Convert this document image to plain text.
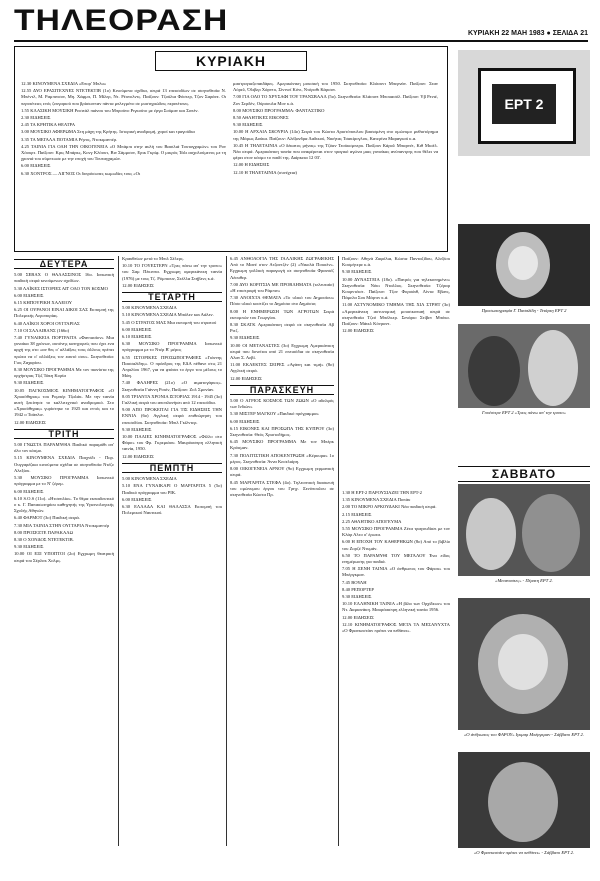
ΤΗΛΕΟΡΑΣΗ	ΚΥΡΙΑΚΗ 22 ΜΑΗ 1983 ● ΣΕΛΙΔΑ 21
ΚΥΡΙΑΚΗ

12.30 ΚΙΝΟΥΜΕΝΑ ΣΧΕΔΙΑ «Επορ' Μπλυ»

12.55 ΔΥΟ ΕΡΑΣΙΤΕΧΝΕΣ ΝΤΕΤΕΚΤΙΒ (1ο) Κινούμενα σχέδια, σειρά 13 επεισοδίων σε σκηνοθεσία Ν. Μπέντλ, Μ. Ραμπινσον, Μη. Χάφμπ, Π. Μίλερ, Ντ. Ρέυνολντς. Παίζουν: Τζούλια Φόστερ, Τζον Σαράνε. Οι περιπέτειες ενός ζευγαριού που βρίσκονταν πάντα μπλεγμένο σε μυστηριώδεις περιπέτειες.

1.55 ΚΛΑΣΙΚΗ ΜΟΥΣΙΚΗ Ρεσιτάλ πιάνου του Μπρούνο Ριγκούτο με έργα Σούμαν και Σοπέν.

2.30 ΕΙΔΗΣΕΙΣ

2.45 ΤΑ ΚΡΗΤΙΚΑ ΘΕΑΤΡΑ

3.00 ΜΟΥΣΙΚΟ ΑΦΙΕΡΩΜΑ Στη μάχη της Κρήτης. Ιστορική αναδρομή, χοροί και τραγούδια

3.35 ΤΑ ΜΕΓΑΛΑ ΠΟΤΑΜΙΑ Ρήνος, Ντοκιμαντέρ.

4.25 ΤΑΙΝΙΑ ΓΙΑ ΟΛΗ ΤΗΝ ΟΙΚΟΓΕΝΕΙΑ «Ο Μπάμπι στην αυλή του Βασιλιά Τουταγχαμών» του Ρον Χόουρτ. Παίζουν: Κρις Μπάρκς, Κονγ Κλόουτ, Βιν Σάμμσον, Ερικ Γκρίφ. Ο μικρός Τάλι ασχολούμενος με τη χρονιά του σύμπτωσε με την εποχή του Τουταγχαμών.

6.00 ΕΙΔΗΣΕΙΣ

6.30 ΧΟΝΤΡΟΣ — ΛΙΓΝΟΣ Οι διπρόσωπες κωμωδίες τους «Οι

μαστρογιαζοπαιδάρες. Αμερικάνικη μουσική του 1950. Σκηνοθεσία: Κλάουντ Μπερνάν. Παίζουν: Σταν Λόρελ, Όλιβερ Χάρντυ, Σίντνεϊ Κόνι, Ντόροθι Κάρσον.

7.00 ΓΙΑ ΟΛΟ ΤΟ ΧΡΥΣΑΦΙ ΤΟΥ ΤΡΑΝΣΒΑΑΛ (5ο). Σκηνοθεσία: Κλάουντ Μπουασόλ. Παίζουν: Υβ Ρενιέ, Ζον Σερδέν, Ούρσουλα Μον κ.ά.

8.00 ΜΟΥΣΙΚΟ ΠΡΟΓΡΑΜΜΑ: ΦΑΝΤΑΣΤΙΚΟ

8.50 ΑΘΛΗΤΙΚΕΣ ΕΙΚΟΝΕΣ

9.30 ΕΙΔΗΣΕΙΣ

10.00 Η ΑΡΧΑΙΑ ΣΚΟΥΡΙΑ (14ο) Σειρά του Κώστα Αριστόπουλου βασισμένη στο ομώνυμο μυθιστόρημα της Μάρως Δούκα. Παίζουν: Αλέξανδρα Λαδικού, Νικήτας Τσακίρογλου, Κατερίνα Μαραγκού κ.α.

10.45 Η ΤΗΛΕΤΑΙΝΙΑ «Ο δέκατος μήνας» της Τζόαν Τεούκσμπερυ. Παίζουν Κάρολ Μπαρνέτ, Κιθ Μισέλ. Νέα σειρά. Αμερικάνικη ταινία που αναφέρεται στον τραγικό αγώνα μιας γυναίκας ανύπαντρης που θέλει να φέρει στον κόσμο το παιδί της. Διάρκεια 12 03'.

12.00 Η ΕΙΔΗΣΕΙΣ

12.10 Η ΤΗΛΕΤΑΙΝΙΑ (συνέχεια)

ΕΡΤ 2
Προσωπογραφία Γ. Πασαλίδη - Τετάρτη ΕΡΤ 2
Γουέστερν ΕΡΤ 2 «Τρεις πάνω απ' την τροπο»
ΣΑΒΒΑΤΟ
ΔΕΥΤΕΡΑ

5.00 ΣΕΒΑΧ Ο ΘΑΛΑΣΣΙΝΟΣ 16ο. Ιαπωνική παιδική σειρά κινούμενων σχεδίων.

5.30 ΛΑΪΚΕΣ ΙΣΤΟΡΙΕΣ ΑΠ' ΟΛΟ ΤΟΝ ΚΟΣΜΟ

6.00 ΕΙΔΗΣΕΙΣ

6.15 ΚΗΠΟΥΡΙΚΗ ΧΑΛΕΙΟΥ

6.25 ΟΙ ΟΥΡΑΝΟΙ ΕΙΝΑΙ ΔΙΚΟΙ ΣΑΣ Εκπομπή της Πολεμικής Αεροπορίας.

6.40 ΛΑΪΚΟΙ ΧΟΡΟΙ ΟΥΓΓΑΡΙΑΣ

7.10 ΟΙ ΣΑΛΑΙΒΑΝΣ (166ο)

7.40 ΓΥΝΑΙΚΕΙΑ ΠΟΡΤΡΑΙΤΑ «Φαντασίον» Μια γυναίκα 38 χρόνων, αυτόνης κατηγορείς που έχει ενα αρχή της στο «αν θες ο' αλλάξεις τους άλλους πρέπει πρώτα να ο' αλλάξεις τον εαυτό σου». Σκηνοθεσία: Γιος Ζαχαρίου.

8.30 ΜΟΥΣΙΚΟ ΠΡΟΓΡΑΜΜΑ Με τον πιανίστα της ορχήστρας Τζιζ Τάκη Κορία

9.30 ΕΙΔΗΣΕΙΣ

10.05 ΠΑΓΚΟΣΜΙΟΣ ΚΙΝΗΜΑΤΟΓΡΑΦΟΣ «Ο Χρυσόθηρας» του Ρομπέρ Τζαλάκ. Με την ταινία αυτή ξεκίνησε το καλλιτεχνικό αναδρομικό. Στο «Χρυσόθηρας» γυρίστηκε το 1925 και εντός και το 1942 ο Τσάπλιν.

12.00 ΕΙΔΗΣΕΙΣ

ΤΡΙΤΗ

5.00 ΓΝΩΣΤΑ ΠΑΡΑΜΥΘΙΑ Παιδικό παραμύθι απ' όλο τον κόσμο.

5.15 ΚΙΝΟΥΜΕΝΑ ΣΧΕΔΙΑ Παιχνίδι - Πορ. Ουγγαρέζικα κινούμενα σχέδια σε σκηνοθεσία Ντέζε Αλεξίου.

5.30 ΜΟΥΣΙΚΟ ΠΡΟΓΡΑΜΜΑ Ιαπωνικό πρόγραμμα με το Ν' ζέρεμ.

6.00 ΕΙΔΗΣΕΙΣ

6.10 S.O.S (11ο). «Ητσιπιλία». Το θέμα εκπαιδευτικό ο κ. Γ. Παπασωτηρίου καθηγητής της Υγιεινολογικής Σχολής Αθηνών.

6.40 ΦΑΡΜΟΤ (3ο) Παιδική σειρά.

7.30 ΜΙΑ ΤΑΙΝΙΑ ΣΤΗΝ ΟΥΓΓΑΡΙΑ Ντοκιμαντέρ

8.00 ΠΡΟΣΕΞΤΕ ΠΑΡΑΚΑΛΩ

8.30 Ο ΧΟΝΔΟΣ ΝΤΕΤΕΚΤΙΒ.

9.30 ΕΙΔΗΣΕΙΣ

10.00 ΟΙ ΕΞΙ ΥΠΟΠΤΟΙ (2ο) Εγχρωμη θεατρική σειρά του Σέρλοκ Χολμς.

Κραυθείων μετά το Μπιλ Σέλερς.

10.10 ΤΟ ΓΟΥΕΣΤΕΡΝ «Τρες πάνω απ' την τροπο» του Σαμ Πέκινπα. Εγχρωμη αμερικάνικη ταινία (1976) με τους Τζ. Ρόμπιουν, Στέλλα Στήβενς κ.ά.

12.00 ΕΙΔΗΣΕΙΣ

ΤΕΤΑΡΤΗ

5.00 ΚΙΝΟΥΜΕΝΑ ΣΧΕΔΙΑ

5.10 ΚΙΝΟΥΜΕΝΑ ΣΧΕΔΙΑ Μπάλεν και Αάλεν.

5.45 Ο ΣΤΡΑΤΟΣ ΜΑΣ Μια εκπομπή του στρατού

6.00 ΕΙΔΗΣΕΙΣ

6.10 ΕΙΔΗΣΕΙΣ

6.30 ΜΟΥΣΙΚΟ ΠΡΟΓΡΑΜΜΑ Ιαπωνικό πρόγραμμα με το Ντέρ Β' μέρος

6.55 ΙΣΤΟΡΙΚΕΣ ΠΡΟΣΩΠΟΓΡΑΦΙΕΣ «Γιάννης Πασσαλίδης». Ο πρόεδρος της ΕΔΑ πέθανε στις 21 Απριλίου 1967, για να φτάσει το έργο του μέλους το Μάη.

7.40 ΦΑΛΗΡΕΣ (21ο) «Ο αιματογάριος». Σκηνοθεσία Γιάννη Ρουίν, Παίζουν: Ζολ Σμονίαν.

8.05 ΤΡΙΑΝΤΑ ΧΡΟΝΙΑ ΙΣΤΟΡΙΑΣ 1914 - 1945 (3ο) Γαλλική σειρά του αποπλανήσει από 12 επεισόδια.

9.00 ΑΠΟ ΠΡΟΚΕΙΤΑΙ ΓΙΑ ΤΙΣ ΕΙΔΗΣΕΙΣ ΤΗΝ ΕΝΝΙΑ (6ο) Αγγλική σειρά επιθεώρηση του επεισοδίου. Σκηνοθεσία: Μπιλ Γκίλντερ.

9.30 ΕΙΔΗΣΕΙΣ

10.00 ΠΑΛΙΕΣ ΚΙΝΗΜΑΤΟΓΡΑΦΟΣ «Φίλλο στο Φάρο» του Φρ. Γκρεμιάου. Μαυρόασπρη ελληνική ταινία, 1950.

12.00 ΕΙΔΗΣΕΙΣ

ΠΕΜΠΤΗ

5.00 ΚΙΝΟΥΜΕΝΑ ΣΧΕΔΙΑ

5.10 ΕΝΑ ΓΥΝΑΙΚΑΡΙ Ο ΜΑΡΓΑΡΙΤΑ 5 (5ο) Παιδικό πρόγραμμα του ΡΙΚ.

6.00 ΕΙΔΗΣΕΙΣ

6.30 ΕΛΛΑΔΑ ΚΑΙ ΘΑΛΑΣΣΑ Εκπομπή του Πολεμικού Ναυτικού.

6.45 ΑΝΘΟΛΟΓΙΑ ΤΗΣ ΓΑΛΛΙΚΗΣ ΖΩΓΡΑΦΙΚΗΣ Από το Μανέ στον Ατζαντζέν (2) «Νικολά Πουσέν». Εγχρωμη γαλλική παραγωγή σε σκηνοθεσία Φρανσέζ Λέουθερ.

7.00 ΔΥΟ ΚΟΡΙΤΣΙΑ ΜΕ ΠΡΟΒΛΗΜΑΤΑ (τελευταίο) «Η επιστροφή του Ράμπιν»

7.30 ΑΝΟΙΧΤΑ ΘΕΜΑΤΑ «Το υλικό του Δημοσίου» Πόσο υλικό κοστίζει το Δημόσιο στο Δημόσιο;

8.00 Η ΕΝΗΜΕΡΩΣΗ ΤΩΝ ΑΓΡΟΤΩΝ Σειρά εκπομπών του Γεωργίου.

8.30 ΣΚΑΤΚ Αμερικάνικη σειρά σε σκηνοθεσία Αβ Ριτζ.

9.30 ΕΙΔΗΣΕΙΣ

10.00 ΟΙ ΜΕΤΑΝΑΣΤΕΣ (3ο) Εγχρωμη Αμερικάνικη σειρά που δονείται από 21 επεισόδια σε σκηνοθεσία Αλαν Σ. Αεβί.

11.00 ΕΚΛΕΚΤΕΣ ΣΕΙΡΕΣ «Αγάπη και τιμή» (8ο) Αγγλική σειρά.

12.00 ΕΙΔΗΣΕΙΣ

ΠΑΡΑΣΚΕΥΗ

5.00 Ο ΑΓΡΙΟΣ ΚΟΣΜΟΣ ΤΩΝ ΖΩΩΝ «Ο αδελφός των Ινδιών»

5.30 ΜΙΣΤΕΡ ΜΑΓΚΟΥ «Παιδικό πρόγραμμα»

6.00 ΕΙΔΗΣΕΙΣ

6.15 ΕΙΚΟΝΕΣ ΚΑΙ ΠΡΟΣΩΠΑ ΤΗΣ ΚΥΠΡΟΥ (3ο) Σκηνοθεσία: Θεός Χριστοδήμος.

6.45 ΜΟΥΣΙΚΟ ΠΡΟΓΡΑΜΜΑ Με τον Μπέρκ Κρόσμαν.

7.30 ΠΟΛΙΤΙΣΤΙΚΗ ΑΠΟΚΕΝΤΡΩΣΗ «Κέρκυρα» 1ο μέρος. Σκηνοθεσία: Άννα Κεσελιάρη.

8.00 ΟΙΚΟΓΕΝΕΙΑ ΑΡΝΟΥ (9ο) Εγχρωμη γερμανική σειρά.

8.45 ΜΑΡΓΑΡΙΤΑ ΣΤΕΦΑ (4ο). Τηλεοπτική διασκευή του ομώνυμου έργου του Γρηγ. Ξενόπουλου σε σκηνοθεσία Κώστα Πρ.

Παίζουν: Αθηνά Ζαφόλια, Κώστα Πανταζίδου, Αλεξίου Κοσμήτερε κ.ά.

9.30 ΕΙΔΗΣΕΙΣ

10.00 ΔΥΝΑΣΤΕΙΑ (18ο). «Πατρός για τηλεκοπημένο» Σκηνοθεσία: Νόκι Νταλλας. Σκηνοθεσία: Τζέραρ Κουρντέιστ. Παίζουν: Τζον Φορσάιθ, Λίντα Εβανς, Πάμελα Σου Μάρτιν κ.ά.

11.00 ΑΣΤΥΝΟΜΙΚΟ ΤΜΗΜΑ ΤΗΣ ΧΙΛ ΣΤΡΗΤ (3ο) «Αμερικάνικη αστυνομική μουσικοπιαή σειρά σε σκηνοθεσία Τζεό Μπέλκερ. Σενάριο Στίβεν Μπόκο. Παίζουν: Μάικλ Κόνραντ.

12.00 ΕΙΔΗΣΕΙΣ

1.30 Η ΕΡΤ-2 ΠΑΡΟΥΣΙΑΖΕΙ ΤΗΝ ΕΡΤ-2

1.35 ΚΙΝΟΥΜΕΝΑ ΣΧΕΔΙΑ Ποπάυ

2.00 ΤΟ ΜΙΚΡΟ ΑΡΚΟΥΔΑΚΙ Νέα παιδική σειρά.

2.15 ΕΙΔΗΣΕΙΣ

2.25 ΑΘΛΗΤΙΚΟ ΑΠΟΓΕΥΜΑ

5.55 ΜΟΥΣΙΚΟ ΠΡΟΓΡΑΜΜΑ Ζέτα τραγουδίσει με τον Κλάρ Αλτο σ' έρωτα.

6.00 Η ΕΠΟΧΗ ΤΟΥ ΚΑΘΕΡΗΚΩΝ (8ο) Από το βιβλίο του Ζορζέ Ντυμάν.

6.50 ΤΟ ΠΑΡΑΜΥΘΙ ΤΟΥ ΜΕΓΑΛΟΥ Ένα είδος ενημέρωσης για παιδιά.

7.05 Η ΞΕΝΗ ΤΑΙΝΙΑ «Ο άνθρωπος του Φάρου» του Μπέργκμαν.

7.45 ΒΟΥΛΗ

8.40 ΡΕΠΟΡΤΕΡ

9.30 ΕΙΔΗΣΕΙΣ

10.10 ΕΛΛΗΝΙΚΗ ΤΑΙΝΙΑ «Η βίλα των Ορχίδεων» του Ντ. Δαμιανάκη. Μαυρόασπρη ελληνική ταινία 1956.

12.00 ΕΙΔΗΣΕΙΣ

12.10 ΚΙΝΗΜΑΤΟΓΡΑΦΟΣ ΜΕΤΑ ΤΑ ΜΕΣΑΝΥΧΤΑ «Ο Φρανκεστάιν πρέπει να πεθάνει».

«Μεταναστες» - Πέμπτη ΕΡΤ 2.
«Ο άνθρωπος του ΦΑΡΟΥ» Ιγκμαρ Μπέργκμαν - Σάββατο ΕΡΤ 2.
«Ο Φρανκεστάιν πρέπει να πεθάνει» - Σάββατο ΕΡΤ 2.
